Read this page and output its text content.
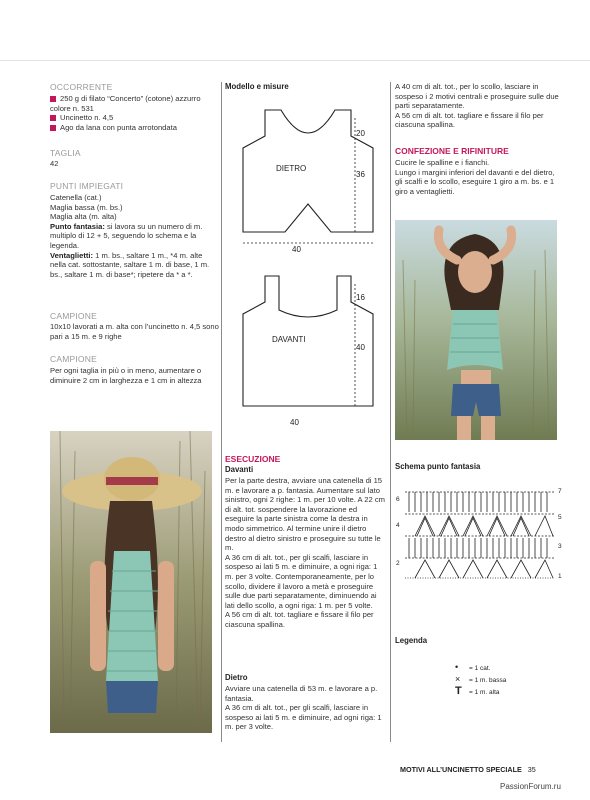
OCCORRENTE
250 g di filato “Concerto” (cotone) azzurro colore n. 531
Uncinetto n. 4,5
Ago da lana con punta arrotondata
TAGLIA
42
PUNTI IMPIEGATI
Catenella (cat.)
Maglia bassa (m. bs.)
Maglia alta (m. alta)
Punto fantasia: si lavora su un numero di m. multiplo di 12 + 5, seguendo lo schema e la legenda.
Ventaglietti: 1 m. bs., saltare 1 m., *4 m. alte nella cat. sottostante, saltare 1 m. di base, 1 m. bs., saltare 1 m. di base*; ripetere da * a *.
CAMPIONE
10x10 lavorati a m. alta con l’uncinetto n. 4,5 sono pari a 15 m. e 9 righe
CAMPIONE
Per ogni taglia in più o in meno, aumentare o diminuire 2 cm in larghezza e 1 cm in altezza
Modello e misure
DIETRO
20
36
40
DAVANTI
16
40
40
ESECUZIONE
Davanti
Per la parte destra, avviare una catenella di 15 m. e lavorare a p. fantasia. Aumentare sul lato sinistro, ogni 2 righe: 1 m. per 10 volte. A 22 cm di alt. tot. sospendere la lavorazione ed eseguire la parte sinistra come la destra in modo simmetrico. Al termine unire il dietro destro al dietro sinistro e proseguire su tutte le m.
A 36 cm di alt. tot., per gli scalfi, lasciare in sospeso ai lati 5 m. e diminuire, a ogni riga: 1 m. per 3 volte. Contemporaneamente, per lo scollo, dividere il lavoro a metà e proseguire sulle due parti separatamente, diminuendo ai lati dello scollo, a ogni riga: 1 m. per 5 volte.
A 56 cm di alt. tot. tagliare e fissare il filo per ciascuna spallina.
Dietro
Avviare una catenella di 53 m. e lavorare a p. fantasia.
A 36 cm di alt. tot., per gli scalfi, lasciare in sospeso ai lati 5 m. e diminuire, ad ogni riga: 1 m. per 3 volte.
A 40 cm di alt. tot., per lo scollo, lasciare in sospeso i 2 motivi centrali e proseguire sulle due parti separatamente.
A 56 cm di alt. tot. tagliare e fissare il filo per ciascuna spallina.
CONFEZIONE E RIFINITURE
Cucire le spalline e i fianchi.
Lungo i margini inferiori del davanti e del dietro, gli scalfi e lo scollo, eseguire 1 giro a m. bs. e 1 giro a ventaglietti.
Schema punto fantasia
6
4
2
7
5
3
1
Legenda
• = 1 cat.
× = 1 m. bassa
T = 1 m. alta
MOTIVI ALL’UNCINETTO SPECIALE 35
PassionForum.ru
